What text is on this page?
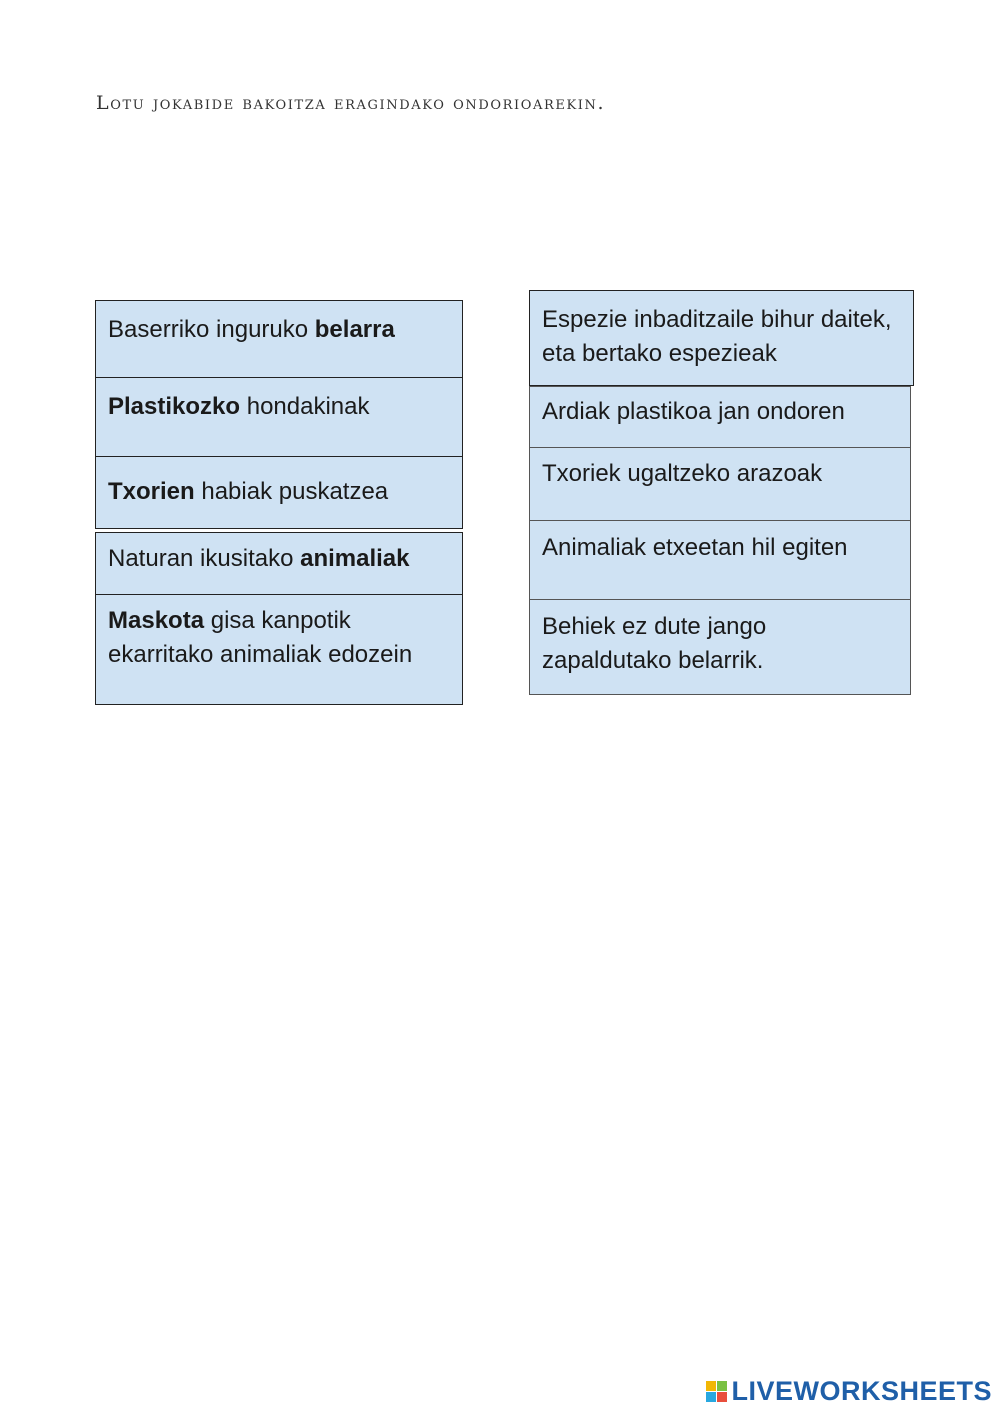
Lotu jokabide bakoitza eragindako ondorioarekin.
Baserriko inguruko belarra
Plastikozko hondakinak
Txorien habiak puskatzea
Naturan ikusitako animaliak
Maskota gisa kanpotik ekarritako animaliak edozein
Espezie inbaditzaile bihur daitek, eta bertako espezieak
Ardiak plastikoa jan ondoren
Txoriek ugaltzeko arazoak
Animaliak etxeetan hil egiten
Behiek ez dute jango zapaldutako belarrik.
LIVEWORKSHEETS
